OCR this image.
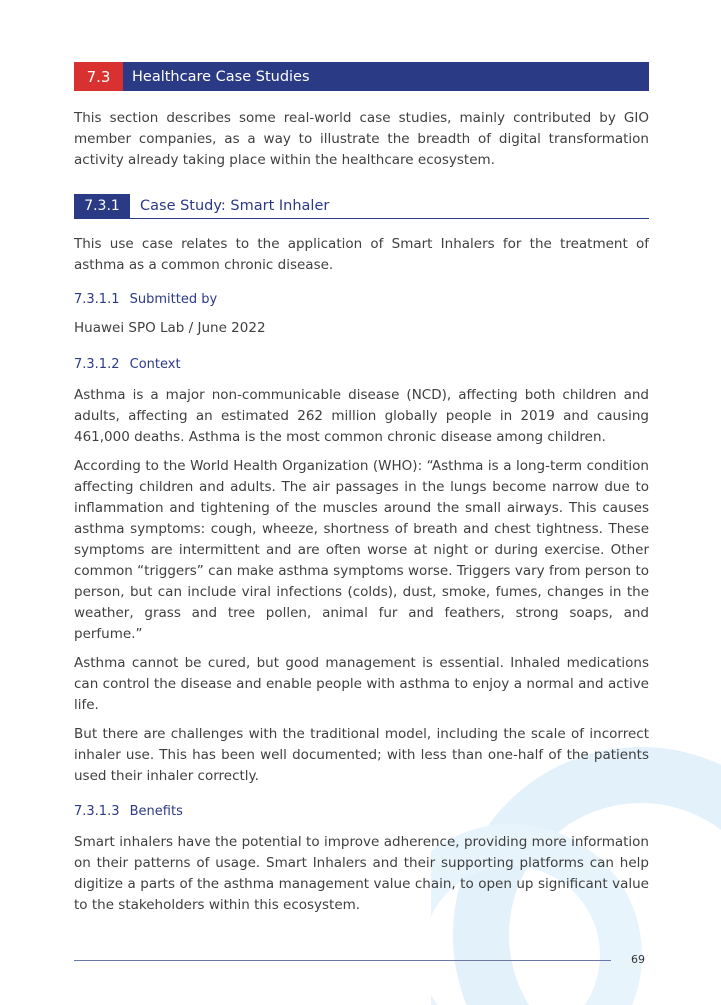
7.3	Healthcare Case Studies

This section describes some real-world case studies, mainly contributed by GIO member companies, as a way to illustrate the breadth of digital transformation activity already taking place within the healthcare ecosystem.

7.3.1	Case Study: Smart Inhaler

This use case relates to the application of Smart Inhalers for the treatment of asthma as a common chronic disease.

7.3.1.1 Submitted by

Huawei SPO Lab / June 2022

7.3.1.2 Context

Asthma is a major non-communicable disease (NCD), affecting both children and adults, affecting an estimated 262 million globally people in 2019 and causing 461,000 deaths. Asthma is the most common chronic disease among children.

According to the World Health Organization (WHO): “Asthma is a long-term condition affecting children and adults. The air passages in the lungs become narrow due to inflammation and tightening of the muscles around the small airways. This causes asthma symptoms: cough, wheeze, shortness of breath and chest tightness. These symptoms are intermittent and are often worse at night or during exercise. Other common “triggers” can make asthma symptoms worse. Triggers vary from person to person, but can include viral infections (colds), dust, smoke, fumes, changes in the weather, grass and tree pollen, animal fur and feathers, strong soaps, and perfume.”

Asthma cannot be cured, but good management is essential. Inhaled medications can control the disease and enable people with asthma to enjoy a normal and active life.

But there are challenges with the traditional model, including the scale of incorrect inhaler use. This has been well documented; with less than one-half of the patients used their inhaler correctly.

7.3.1.3 Benefits

Smart inhalers have the potential to improve adherence, providing more information on their patterns of usage. Smart Inhalers and their supporting platforms can help digitize a parts of the asthma management value chain, to open up significant value to the stakeholders within this ecosystem.

69
